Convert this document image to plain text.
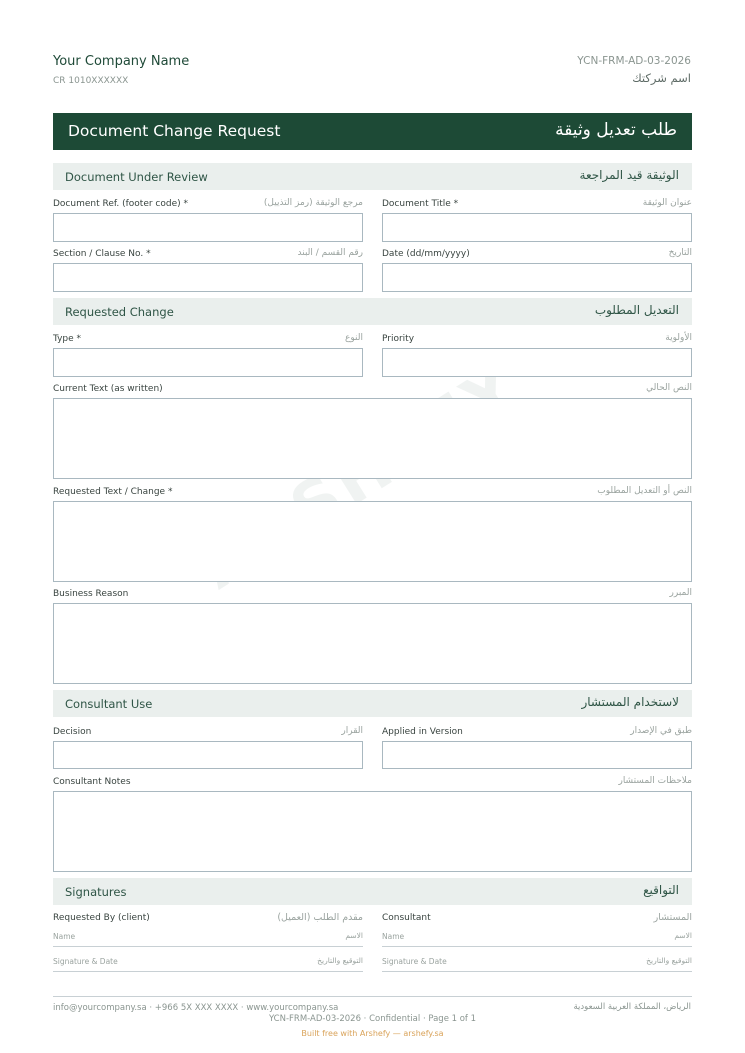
Your Company Name
CR 1010XXXXXX
YCN-FRM-AD-03-2026
اسم شركتك
Document Change Request	طلب تعديل وثيقة
Document Under Review	الوثيقة قيد المراجعة
Document Ref. (footer code) *	مرجع الوثيقة (رمز التذييل) Document Title *	عنوان الوثيقة
Section / Clause No. *	رقم القسم / البند Date (dd/mm/yyyy)	التاريخ
Requested Change	التعديل المطلوب
Type *	النوع Priority	الأولوية
Current Text (as written)	النص الحالي
Requested Text / Change *	النص أو التعديل المطلوب
Business Reason	المبرر
Consultant Use	لاستخدام المستشار
Decision	القرار Applied in Version	طبق في الإصدار
Consultant Notes	ملاحظات المستشار
Signatures	التواقيع
Requested By (client)	مقدم الطلب (العميل)
Name	الاسم
Signature & Date	التوقيع والتاريخ
Consultant	المستشار
Name	الاسم
Signature & Date	التوقيع والتاريخ
info@yourcompany.sa · +966 5X XXX XXXX · www.yourcompany.sa	الرياض، المملكة العربية السعودية
YCN-FRM-AD-03-2026 · Confidential · Page 1 of 1
Built free with Arshefy — arshefy.sa
